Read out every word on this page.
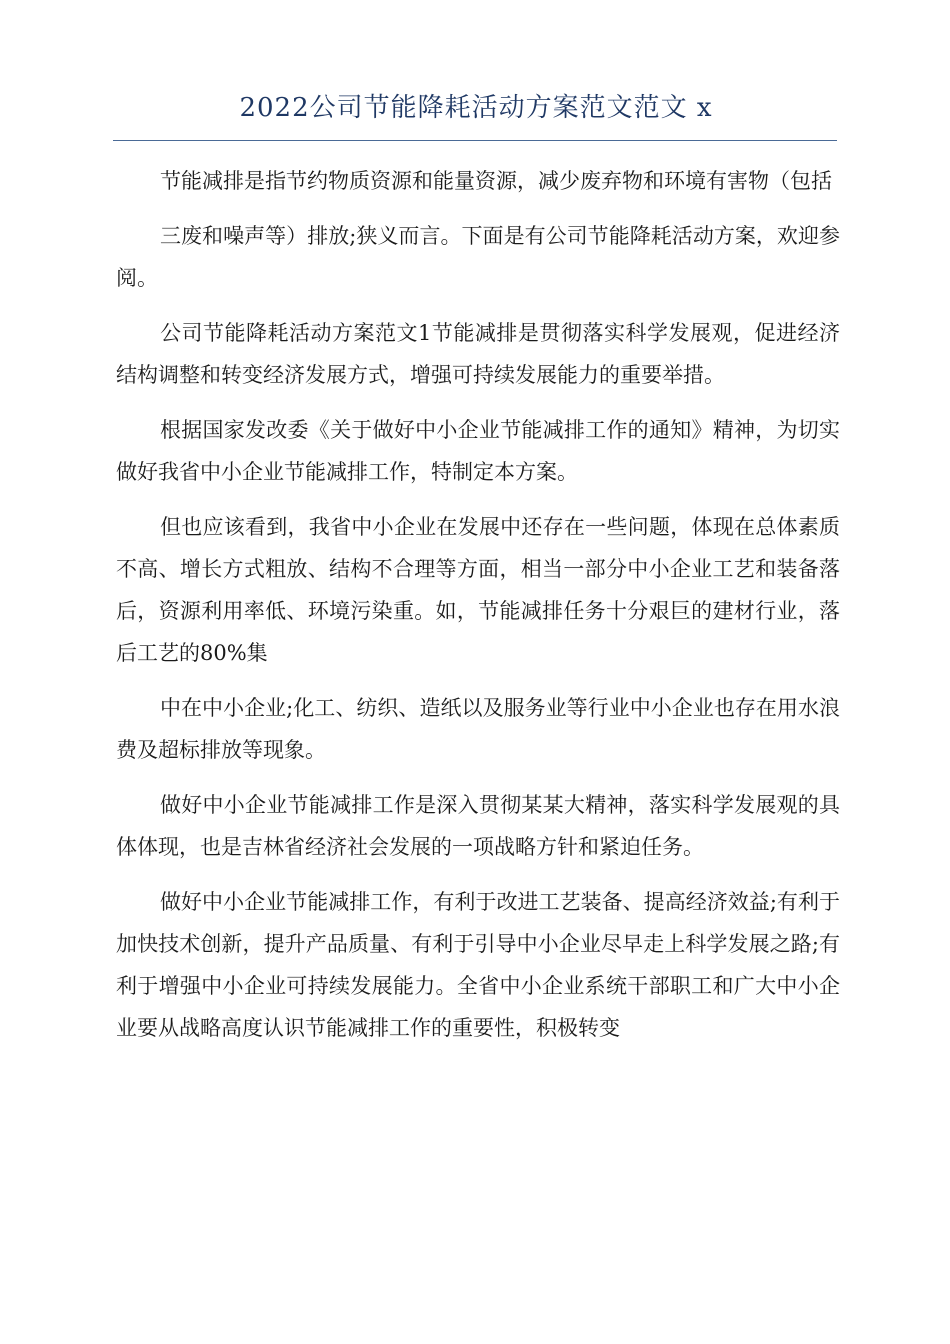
2022公司节能降耗活动方案范文范文 x

节能减排是指节约物质资源和能量资源，减少废弃物和环境有害物（包括

三废和噪声等）排放;狭义而言。下面是有公司节能降耗活动方案，欢迎参阅。

公司节能降耗活动方案范文1节能减排是贯彻落实科学发展观，促进经济结构调整和转变经济发展方式，增强可持续发展能力的重要举措。

根据国家发改委《关于做好中小企业节能减排工作的通知》精神，为切实做好我省中小企业节能减排工作，特制定本方案。

但也应该看到，我省中小企业在发展中还存在一些问题，体现在总体素质不高、增长方式粗放、结构不合理等方面，相当一部分中小企业工艺和装备落后，资源利用率低、环境污染重。如，节能减排任务十分艰巨的建材行业，落后工艺的80%集

中在中小企业;化工、纺织、造纸以及服务业等行业中小企业也存在用水浪费及超标排放等现象。

做好中小企业节能减排工作是深入贯彻某某大精神，落实科学发展观的具体体现，也是吉林省经济社会发展的一项战略方针和紧迫任务。

做好中小企业节能减排工作，有利于改进工艺装备、提高经济效益;有利于加快技术创新，提升产品质量、有利于引导中小企业尽早走上科学发展之路;有利于增强中小企业可持续发展能力。全省中小企业系统干部职工和广大中小企业要从战略高度认识节能减排工作的重要性，积极转变
